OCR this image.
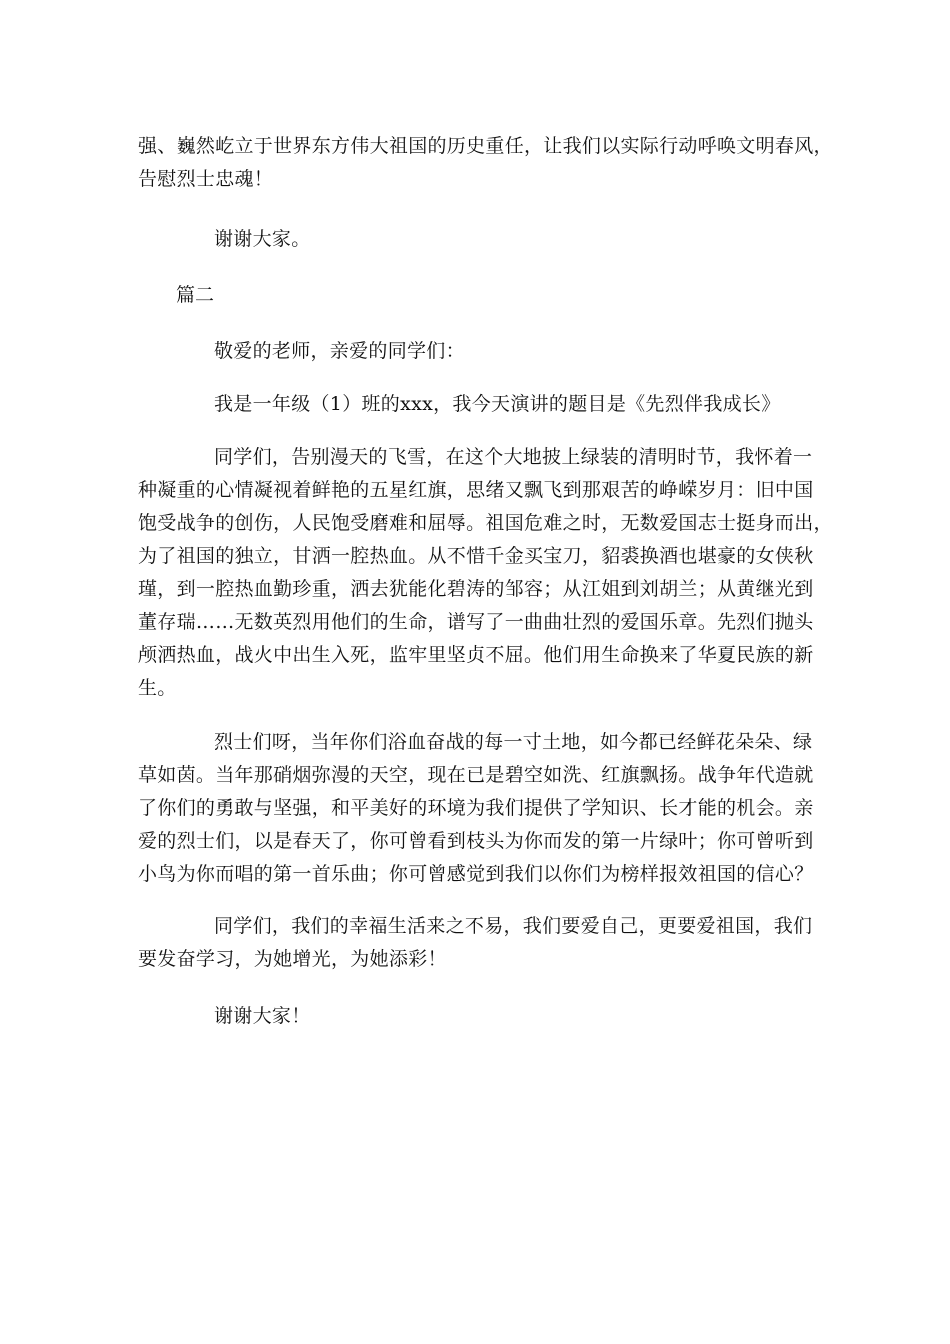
强、巍然屹立于世界东方伟大祖国的历史重任，让我们以实际行动呼唤文明春风，
告慰烈士忠魂！
谢谢大家。
篇二
敬爱的老师，亲爱的同学们：
我是一年级（1）班的xxx，我今天演讲的题目是《先烈伴我成长》
同学们，告别漫天的飞雪，在这个大地披上绿装的清明时节，我怀着一
种凝重的心情凝视着鲜艳的五星红旗，思绪又飘飞到那艰苦的峥嵘岁月：旧中国
饱受战争的创伤，人民饱受磨难和屈辱。祖国危难之时，无数爱国志士挺身而出，
为了祖国的独立，甘洒一腔热血。从不惜千金买宝刀，貂裘换酒也堪豪的女侠秋
瑾，到一腔热血勤珍重，洒去犹能化碧涛的邹容；从江姐到刘胡兰；从黄继光到
董存瑞……无数英烈用他们的生命，谱写了一曲曲壮烈的爱国乐章。先烈们抛头
颅洒热血，战火中出生入死，监牢里坚贞不屈。他们用生命换来了华夏民族的新
生。
烈士们呀，当年你们浴血奋战的每一寸土地，如今都已经鲜花朵朵、绿
草如茵。当年那硝烟弥漫的天空，现在已是碧空如洗、红旗飘扬。战争年代造就
了你们的勇敢与坚强，和平美好的环境为我们提供了学知识、长才能的机会。亲
爱的烈士们，以是春天了，你可曾看到枝头为你而发的第一片绿叶；你可曾听到
小鸟为你而唱的第一首乐曲；你可曾感觉到我们以你们为榜样报效祖国的信心？
同学们，我们的幸福生活来之不易，我们要爱自己，更要爱祖国，我们
要发奋学习，为她增光，为她添彩！
谢谢大家！
